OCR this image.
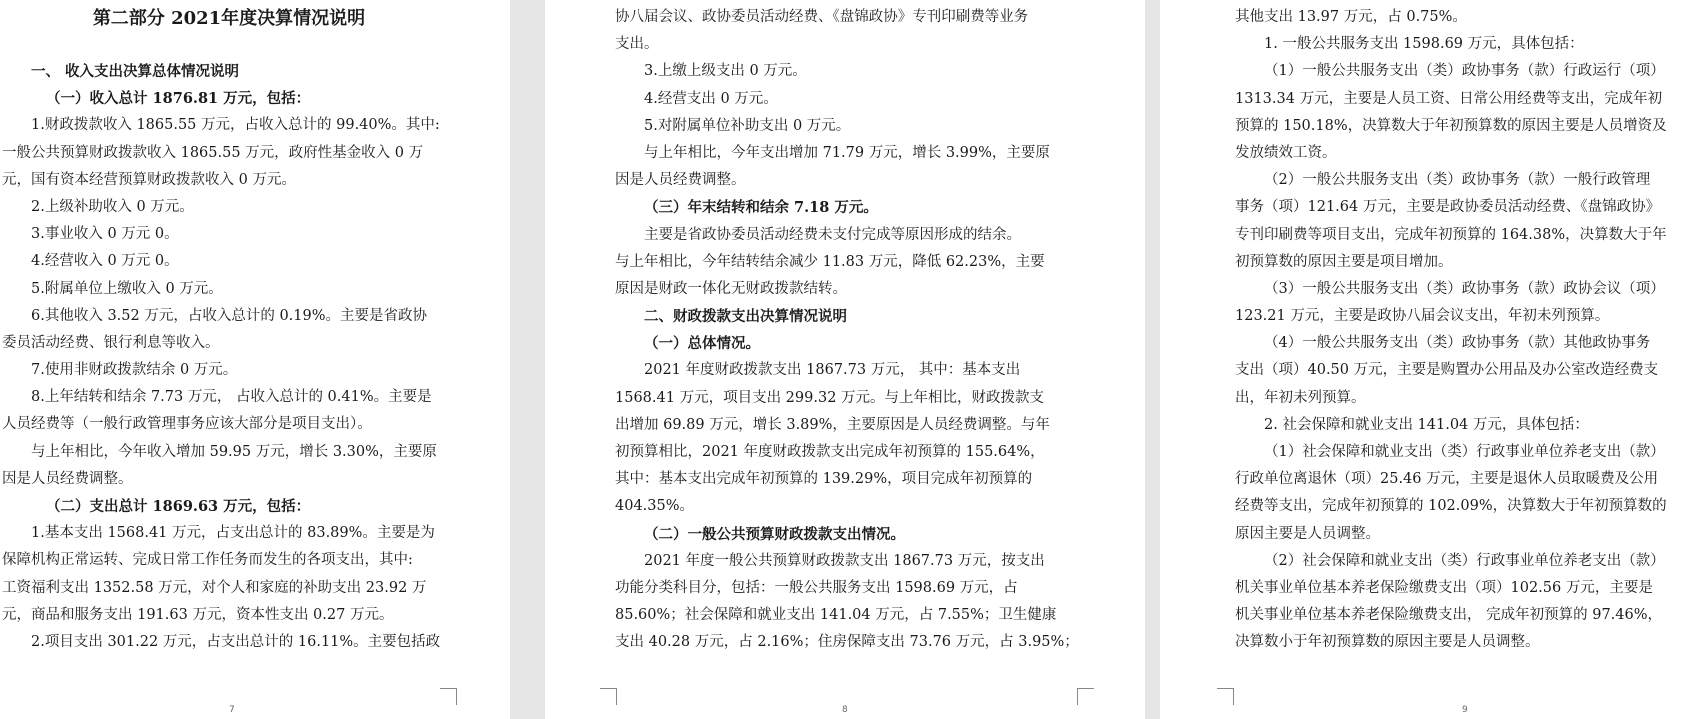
第二部分 2021年度决算情况说明
一、 收入支出决算总体情况说明
（一）收入总计 1876.81 万元，包括：
1.财政拨款收入 1865.55 万元，占收入总计的 99.40%。其中:
一般公共预算财政拨款收入 1865.55 万元，政府性基金收入 0 万
元，国有资本经营预算财政拨款收入 0 万元。
2.上级补助收入 0 万元。
3.事业收入 0 万元 0。
4.经营收入 0 万元 0。
5.附属单位上缴收入 0 万元。
6.其他收入 3.52 万元，占收入总计的 0.19%。主要是省政协
委员活动经费、银行利息等收入。
7.使用非财政拨款结余 0 万元。
8.上年结转和结余 7.73 万元， 占收入总计的 0.41%。主要是
人员经费等（一般行政管理事务应该大部分是项目支出）。
与上年相比，今年收入增加 59.95 万元，增长 3.30%，主要原
因是人员经费调整。
（二）支出总计 1869.63 万元，包括：
1.基本支出 1568.41 万元，占支出总计的 83.89%。主要是为
保障机构正常运转、完成日常工作任务而发生的各项支出，其中:
工资福利支出 1352.58 万元，对个人和家庭的补助支出 23.92 万
元，商品和服务支出 191.63 万元，资本性支出 0.27 万元。
2.项目支出 301.22 万元，占支出总计的 16.11%。主要包括政
7
协八届会议、政协委员活动经费、《盘锦政协》专刊印刷费等业务
支出。
3.上缴上级支出 0 万元。
4.经营支出 0 万元。
5.对附属单位补助支出 0 万元。
与上年相比，今年支出增加 71.79 万元，增长 3.99%，主要原
因是人员经费调整。
（三）年末结转和结余 7.18 万元。
主要是省政协委员活动经费未支付完成等原因形成的结余。
与上年相比，今年结转结余减少 11.83 万元，降低 62.23%，主要
原因是财政一体化无财政拨款结转。
二、财政拨款支出决算情况说明
（一）总体情况。
2021 年度财政拨款支出 1867.73 万元， 其中：基本支出
1568.41 万元，项目支出 299.32 万元。与上年相比，财政拨款支
出增加 69.89 万元，增长 3.89%，主要原因是人员经费调整。与年
初预算相比，2021 年度财政拨款支出完成年初预算的 155.64%，
其中：基本支出完成年初预算的 139.29%，项目完成年初预算的
404.35%。
（二）一般公共预算财政拨款支出情况。
2021 年度一般公共预算财政拨款支出 1867.73 万元，按支出
功能分类科目分，包括：一般公共服务支出 1598.69 万元，占
85.60%；社会保障和就业支出 141.04 万元，占 7.55%；卫生健康
支出 40.28 万元，占 2.16%；住房保障支出 73.76 万元，占 3.95%；
8
其他支出 13.97 万元，占 0.75%。
1. 一般公共服务支出 1598.69 万元，具体包括：
（1）一般公共服务支出（类）政协事务（款）行政运行（项）
1313.34 万元，主要是人员工资、日常公用经费等支出，完成年初
预算的 150.18%，决算数大于年初预算数的原因主要是人员增资及
发放绩效工资。
（2）一般公共服务支出（类）政协事务（款）一般行政管理
事务（项）121.64 万元，主要是政协委员活动经费、《盘锦政协》
专刊印刷费等项目支出，完成年初预算的 164.38%，决算数大于年
初预算数的原因主要是项目增加。
（3）一般公共服务支出（类）政协事务（款）政协会议（项）
123.21 万元，主要是政协八届会议支出，年初未列预算。
（4）一般公共服务支出（类）政协事务（款）其他政协事务
支出（项）40.50 万元，主要是购置办公用品及办公室改造经费支
出，年初未列预算。
2. 社会保障和就业支出 141.04 万元，具体包括：
（1）社会保障和就业支出（类）行政事业单位养老支出（款）
行政单位离退休（项）25.46 万元，主要是退休人员取暖费及公用
经费等支出，完成年初预算的 102.09%，决算数大于年初预算数的
原因主要是人员调整。
（2）社会保障和就业支出（类）行政事业单位养老支出（款）
机关事业单位基本养老保险缴费支出（项）102.56 万元，主要是
机关事业单位基本养老保险缴费支出， 完成年初预算的 97.46%，
决算数小于年初预算数的原因主要是人员调整。
9
